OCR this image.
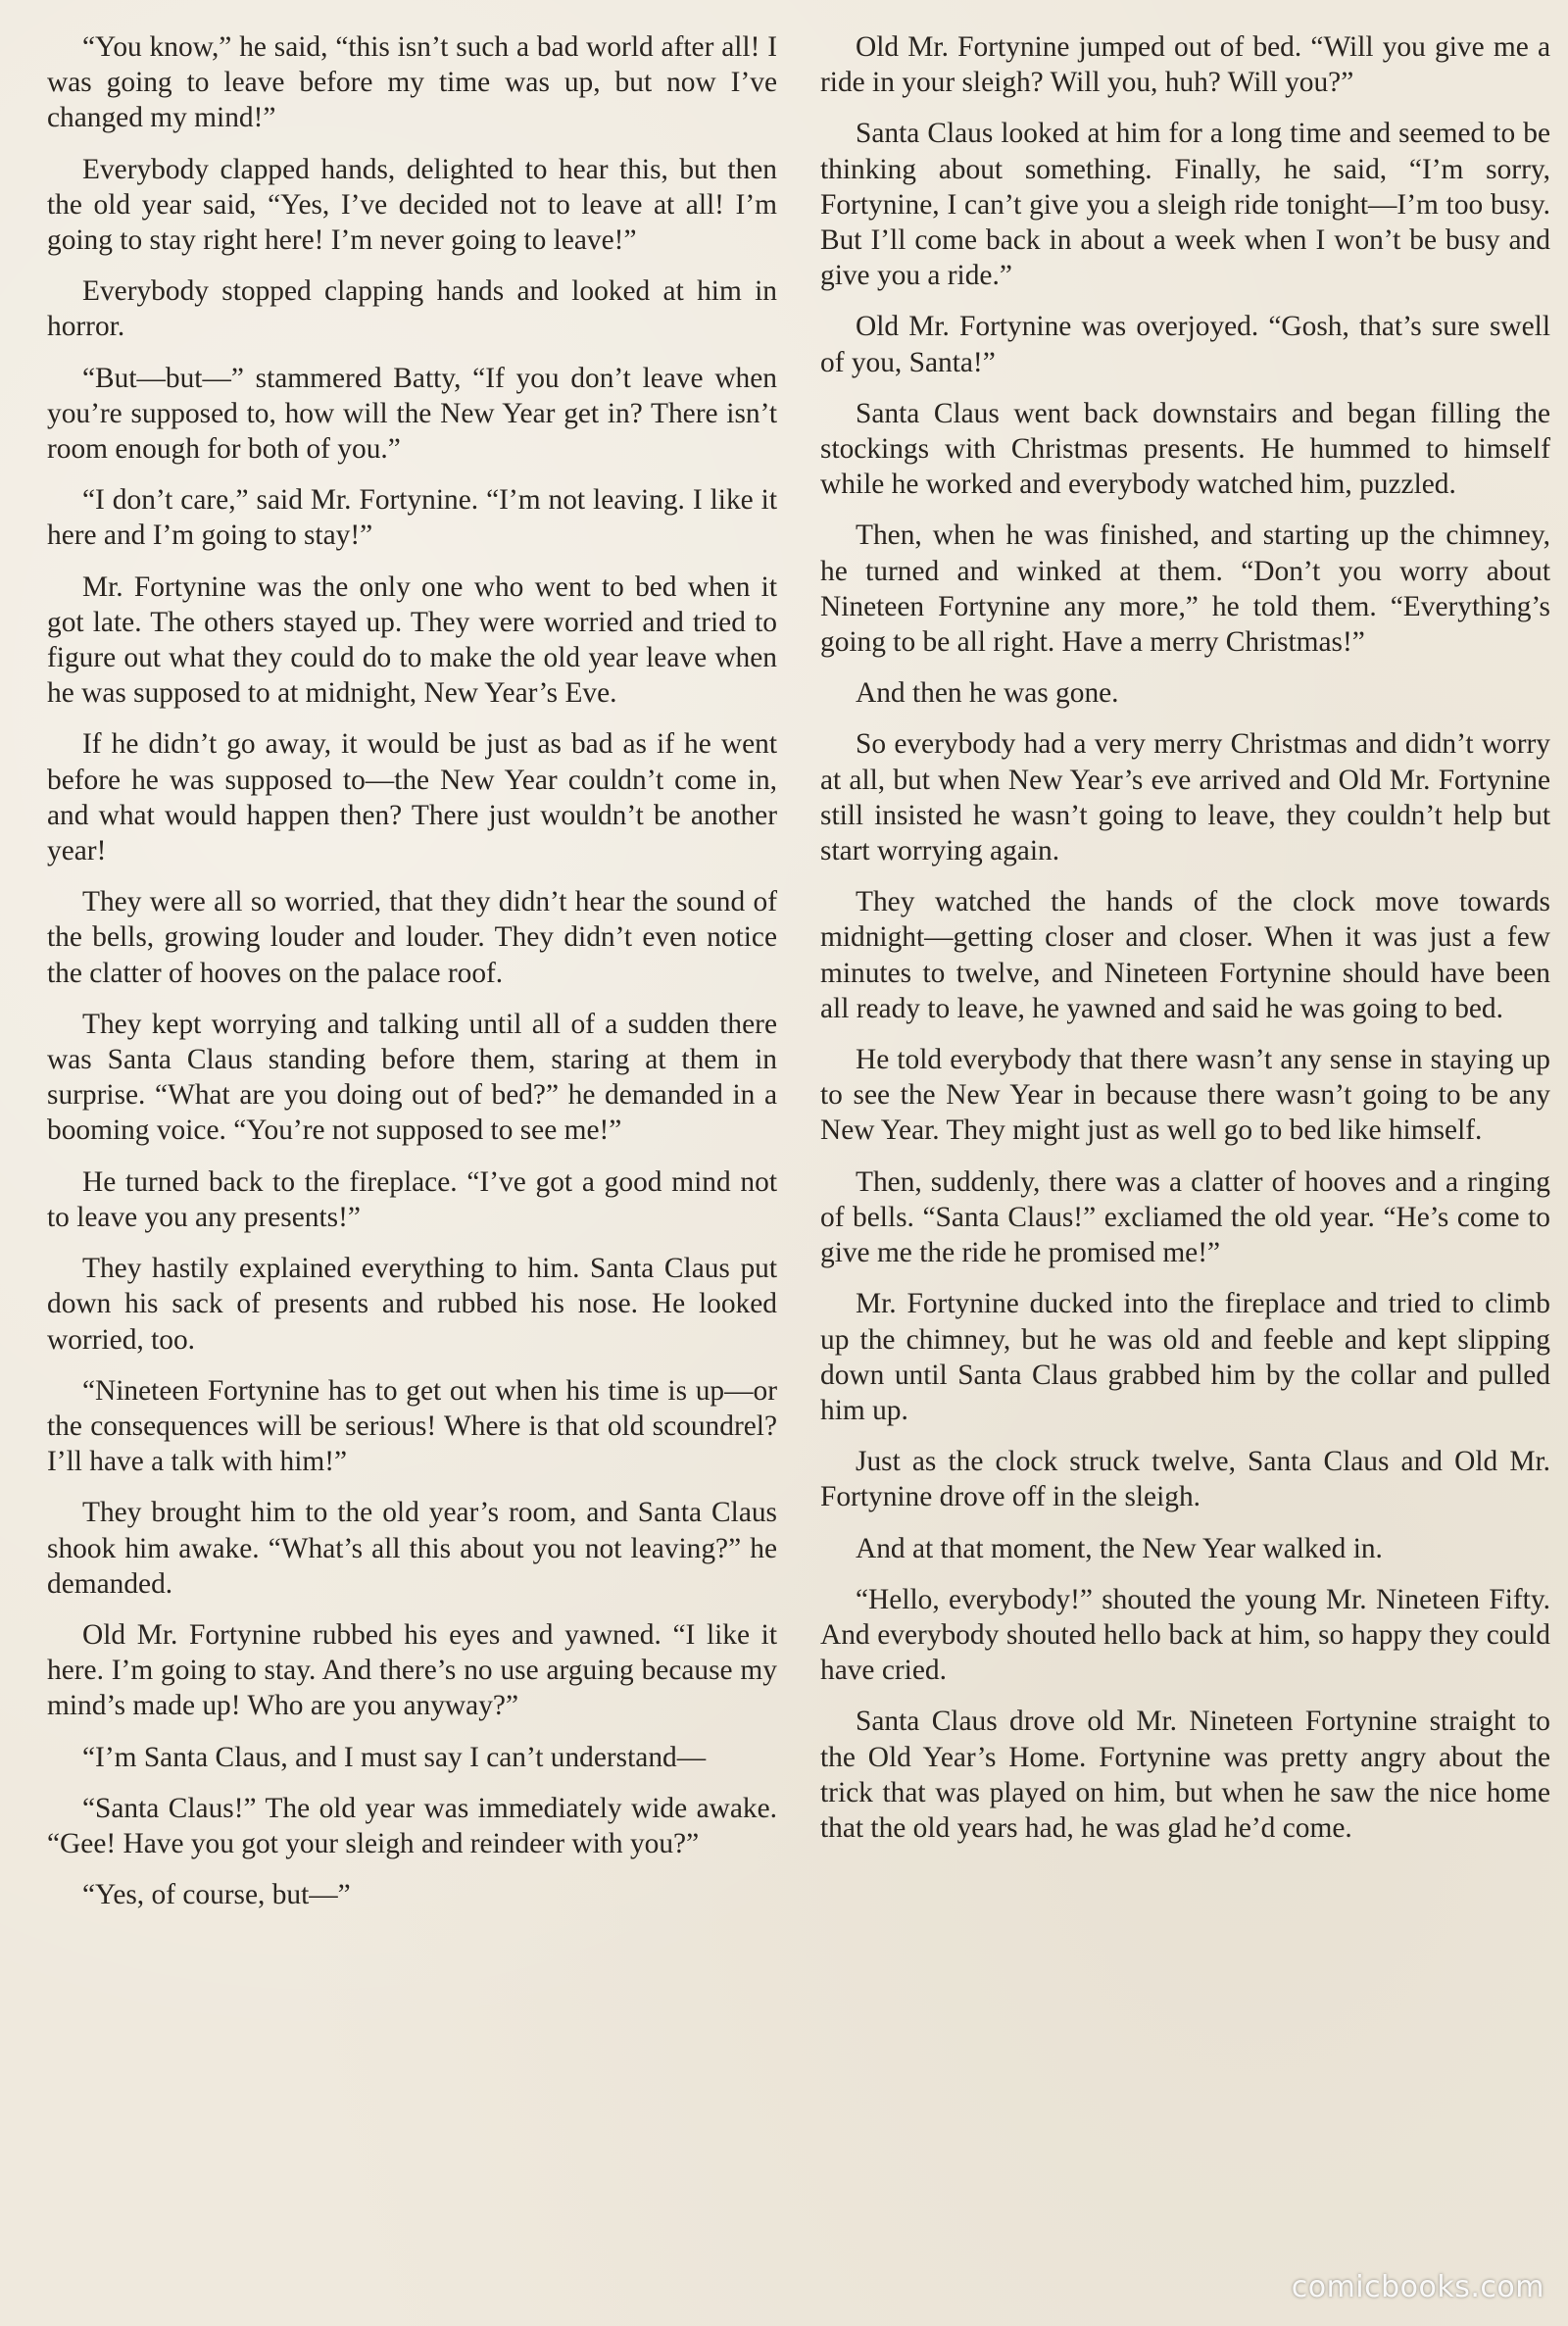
“You know,” he said, “this isn’t such a bad world after all! I was going to leave before my time was up, but now I’ve changed my mind!”

Everybody clapped hands, delighted to hear this, but then the old year said, “Yes, I’ve decided not to leave at all! I’m going to stay right here! I’m never going to leave!”

Everybody stopped clapping hands and looked at him in horror.

“But—but—” stammered Batty, “If you don’t leave when you’re supposed to, how will the New Year get in? There isn’t room enough for both of you.”

“I don’t care,” said Mr. Fortynine. “I’m not leaving. I like it here and I’m going to stay!”

Mr. Fortynine was the only one who went to bed when it got late. The others stayed up. They were worried and tried to figure out what they could do to make the old year leave when he was supposed to at midnight, New Year’s Eve.

If he didn’t go away, it would be just as bad as if he went before he was supposed to—the New Year couldn’t come in, and what would happen then? There just wouldn’t be another year!

They were all so worried, that they didn’t hear the sound of the bells, growing louder and louder. They didn’t even notice the clatter of hooves on the palace roof.

They kept worrying and talking until all of a sudden there was Santa Claus standing before them, staring at them in surprise. “What are you doing out of bed?” he demanded in a booming voice. “You’re not supposed to see me!”

He turned back to the fireplace. “I’ve got a good mind not to leave you any presents!”

They hastily explained everything to him. Santa Claus put down his sack of presents and rubbed his nose. He looked worried, too.

“Nineteen Fortynine has to get out when his time is up—or the consequences will be serious! Where is that old scoundrel? I’ll have a talk with him!”

They brought him to the old year’s room, and Santa Claus shook him awake. “What’s all this about you not leaving?” he demanded.

Old Mr. Fortynine rubbed his eyes and yawned. “I like it here. I’m going to stay. And there’s no use arguing because my mind’s made up! Who are you anyway?”

“I’m Santa Claus, and I must say I can’t understand—

“Santa Claus!” The old year was immediately wide awake. “Gee! Have you got your sleigh and reindeer with you?”

“Yes, of course, but—”

Old Mr. Fortynine jumped out of bed. “Will you give me a ride in your sleigh? Will you, huh? Will you?”

Santa Claus looked at him for a long time and seemed to be thinking about something. Finally, he said, “I’m sorry, Fortynine, I can’t give you a sleigh ride tonight—I’m too busy. But I’ll come back in about a week when I won’t be busy and give you a ride.”

Old Mr. Fortynine was overjoyed. “Gosh, that’s sure swell of you, Santa!”

Santa Claus went back downstairs and began filling the stockings with Christmas presents. He hummed to himself while he worked and everybody watched him, puzzled.

Then, when he was finished, and starting up the chimney, he turned and winked at them. “Don’t you worry about Nineteen Fortynine any more,” he told them. “Everything’s going to be all right. Have a merry Christmas!”

And then he was gone.

So everybody had a very merry Christmas and didn’t worry at all, but when New Year’s eve arrived and Old Mr. Fortynine still insisted he wasn’t going to leave, they couldn’t help but start worrying again.

They watched the hands of the clock move towards midnight—getting closer and closer. When it was just a few minutes to twelve, and Nineteen Fortynine should have been all ready to leave, he yawned and said he was going to bed.

He told everybody that there wasn’t any sense in staying up to see the New Year in because there wasn’t going to be any New Year. They might just as well go to bed like himself.

Then, suddenly, there was a clatter of hooves and a ringing of bells. “Santa Claus!” excliamed the old year. “He’s come to give me the ride he promised me!”

Mr. Fortynine ducked into the fireplace and tried to climb up the chimney, but he was old and feeble and kept slipping down until Santa Claus grabbed him by the collar and pulled him up.

Just as the clock struck twelve, Santa Claus and Old Mr. Fortynine drove off in the sleigh.

And at that moment, the New Year walked in.

“Hello, everybody!” shouted the young Mr. Nineteen Fifty. And everybody shouted hello back at him, so happy they could have cried.

Santa Claus drove old Mr. Nineteen Fortynine straight to the Old Year’s Home. Fortynine was pretty angry about the trick that was played on him, but when he saw the nice home that the old years had, he was glad he’d come.

comicbooks.com
